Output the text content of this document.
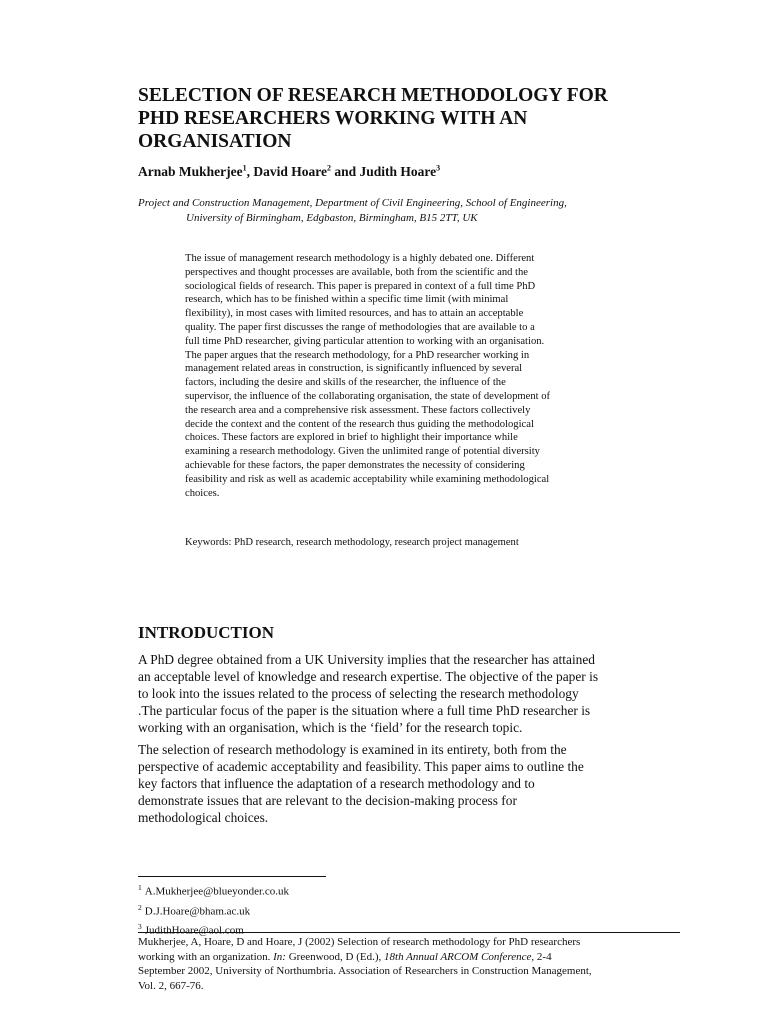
SELECTION OF RESEARCH METHODOLOGY FOR
PHD RESEARCHERS WORKING WITH AN
ORGANISATION
Arnab Mukherjee$^1$, David Hoare$^2$ and Judith Hoare$^3$
Project and Construction Management, Department of Civil Engineering, School of Engineering,
University of Birmingham, Edgbaston, Birmingham, B15 2TT, UK
The issue of management research methodology is a highly debated one. Different
perspectives and thought processes are available, both from the scientific and the
sociological fields of research. This paper is prepared in context of a full time PhD
research, which has to be finished within a specific time limit (with minimal
flexibility), in most cases with limited resources, and has to attain an acceptable
quality. The paper first discusses the range of methodologies that are available to a
full time PhD researcher, giving particular attention to working with an organisation.
The paper argues that the research methodology, for a PhD researcher working in
management related areas in construction, is significantly influenced by several
factors, including the desire and skills of the researcher, the influence of the
supervisor, the influence of the collaborating organisation, the state of development of
the research area and a comprehensive risk assessment. These factors collectively
decide the context and the content of the research thus guiding the methodological
choices. These factors are explored in brief to highlight their importance while
examining a research methodology. Given the unlimited range of potential diversity
achievable for these factors, the paper demonstrates the necessity of considering
feasibility and risk as well as academic acceptability while examining methodological
choices.
Keywords: PhD research, research methodology, research project management
INTRODUCTION
A PhD degree obtained from a UK University implies that the researcher has attained
an acceptable level of knowledge and research expertise. The objective of the paper is
to look into the issues related to the process of selecting the research methodology
.The particular focus of the paper is the situation where a full time PhD researcher is
working with an organisation, which is the ‘field’ for the research topic.
The selection of research methodology is examined in its entirety, both from the
perspective of academic acceptability and feasibility. This paper aims to outline the
key factors that influence the adaptation of a research methodology and to
demonstrate issues that are relevant to the decision-making process for
methodological choices.
$^1$ A.Mukherjee@blueyonder.co.uk
$^2$ D.J.Hoare@bham.ac.uk
$^3$ JudithHoare@aol.com
Mukherjee, A, Hoare, D and Hoare, J (2002) Selection of research methodology for PhD researchers
working with an organization. In: Greenwood, D (Ed.), 18th Annual ARCOM Conference, 2-4
September 2002, University of Northumbria. Association of Researchers in Construction Management,
Vol. 2, 667-76.
